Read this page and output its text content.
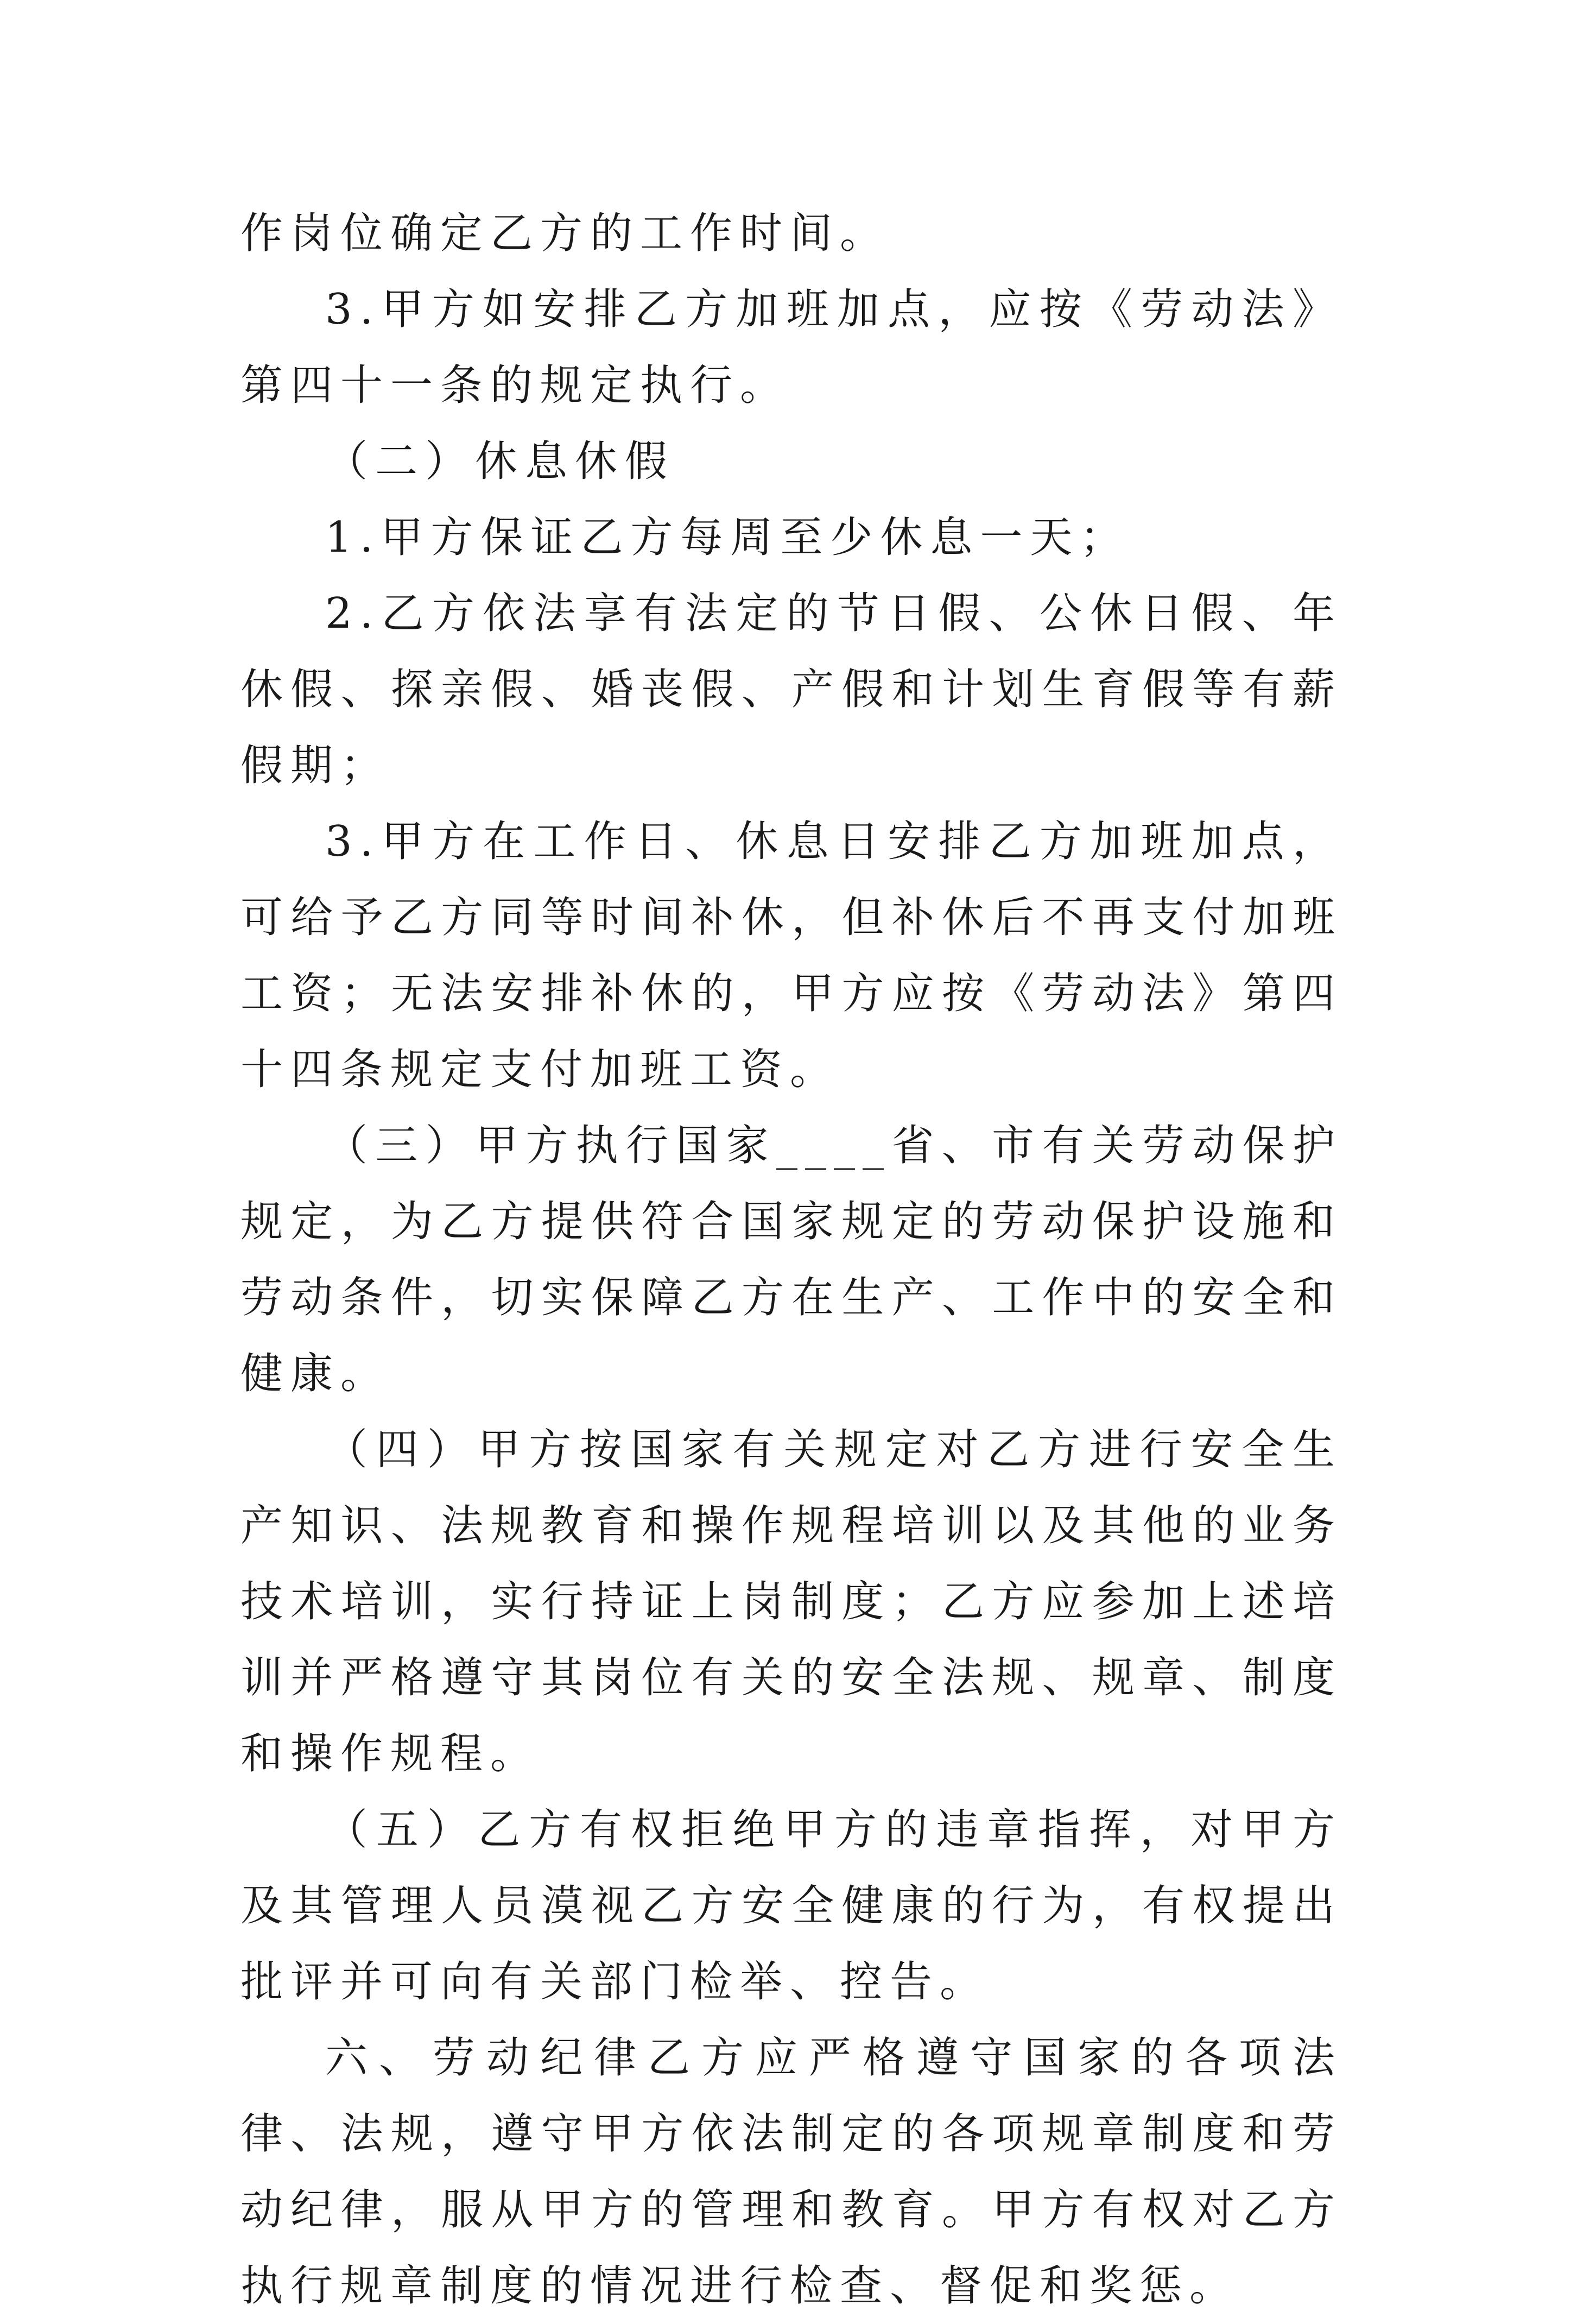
作岗位确定乙方的工作时间。

3.甲方如安排乙方加班加点，应按《劳动法》第四十一条的规定执行。

（二）休息休假

1.甲方保证乙方每周至少休息一天；

2.乙方依法享有法定的节日假、公休日假、年休假、探亲假、婚丧假、产假和计划生育假等有薪假期；

3.甲方在工作日、休息日安排乙方加班加点，可给予乙方同等时间补休，但补休后不再支付加班工资；无法安排补休的，甲方应按《劳动法》第四十四条规定支付加班工资。

（三）甲方执行国家____省、市有关劳动保护规定，为乙方提供符合国家规定的劳动保护设施和劳动条件，切实保障乙方在生产、工作中的安全和健康。

（四）甲方按国家有关规定对乙方进行安全生产知识、法规教育和操作规程培训以及其他的业务技术培训，实行持证上岗制度；乙方应参加上述培训并严格遵守其岗位有关的安全法规、规章、制度和操作规程。

（五）乙方有权拒绝甲方的违章指挥，对甲方及其管理人员漠视乙方安全健康的行为，有权提出批评并可向有关部门检举、控告。

六、劳动纪律乙方应严格遵守国家的各项法律、法规，遵守甲方依法制定的各项规章制度和劳动纪律，服从甲方的管理和教育。甲方有权对乙方执行规章制度的情况进行检查、督促和奖惩。
